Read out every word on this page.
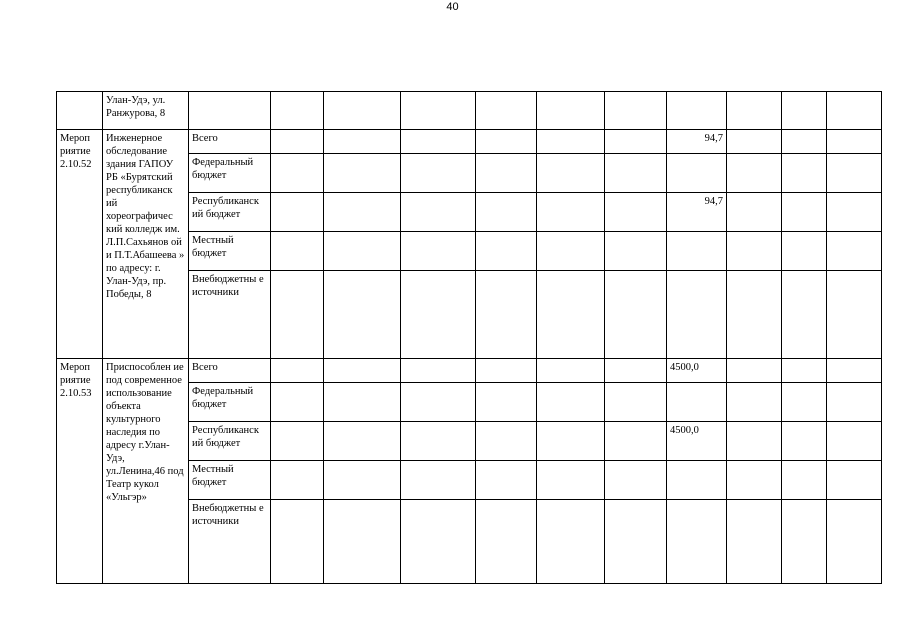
40
	Улан-Удэ, ул. Ранжурова, 8											
Мероп риятие 2.10.52	Инженерное обследование здания ГАПОУ РБ «Бурятский республиканск ий хореографичес кий колледж им. Л.П.Сахьянов ой и П.Т.Абашеева » по адресу: г. Улан-Удэ, пр. Победы, 8	Всего							94,7			
		Федеральный бюджет										
		Республиканск ий бюджет							94,7			
		Местный бюджет										
		Внебюджетны е источники										
Мероп риятие 2.10.53	Приспособлен ие под современное использование объекта культурного наследия по адресу г.Улан-Удэ, ул.Ленина,46 под Театр кукол «Ульгэр»	Всего							4500,0			
		Федеральный бюджет										
		Республиканск ий бюджет							4500,0			
		Местный бюджет										
		Внебюджетны е источники										
